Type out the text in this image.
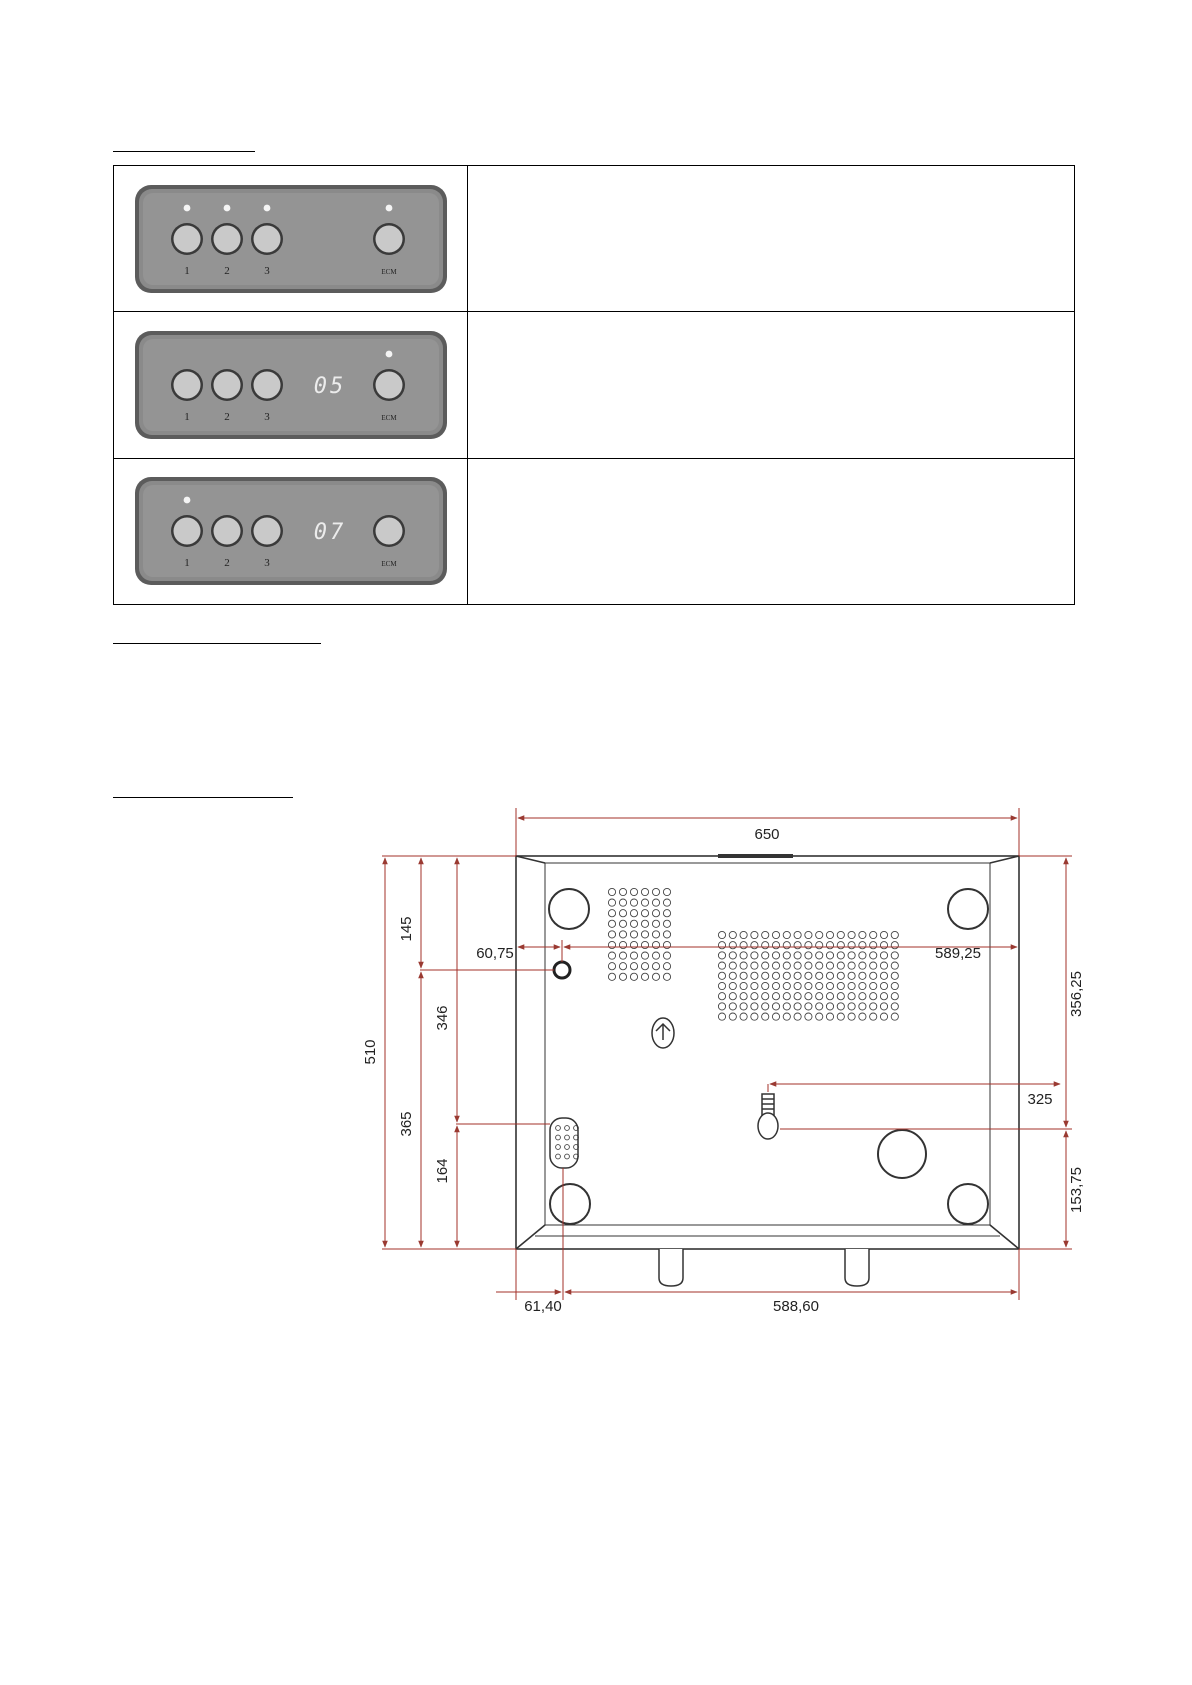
1 2 3 ECM	

05
1 2 3 ECM	

07
1 2 3 ECM	

650
510
145
365
346
164
60,75	589,25
356,25
153,75
325
61,40	588,60
